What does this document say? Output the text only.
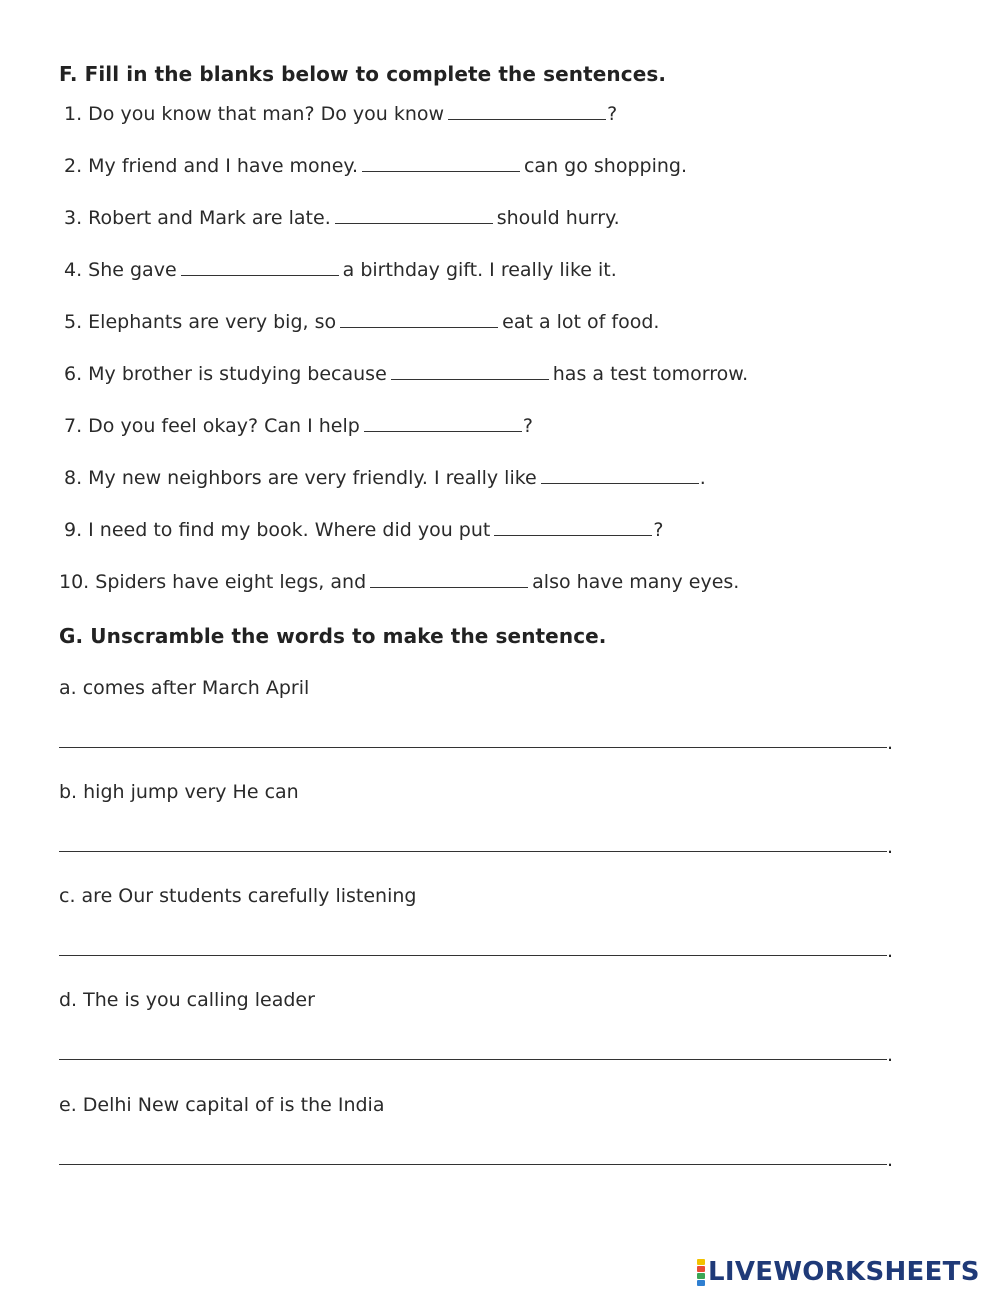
F. Fill in the blanks below to complete the sentences.
1. Do you know that man? Do you know	?
2. My friend and I have money.	can go shopping.
3. Robert and Mark are late.	should hurry.
4. She gave	a birthday gift. I really like it.
5. Elephants are very big, so	eat a lot of food.
6. My brother is studying because	has a test tomorrow.
7. Do you feel okay? Can I help	?
8. My new neighbors are very friendly. I really like	.
9. I need to find my book. Where did you put	?
10. Spiders have eight legs, and	also have many eyes.
G. Unscramble the words to make the sentence.
a. comes after March April
.
b. high jump very He can
.
c. are Our students carefully listening
.
d. The is you calling leader
.
e. Delhi New capital of is the India
.
LIVEWORKSHEETS
